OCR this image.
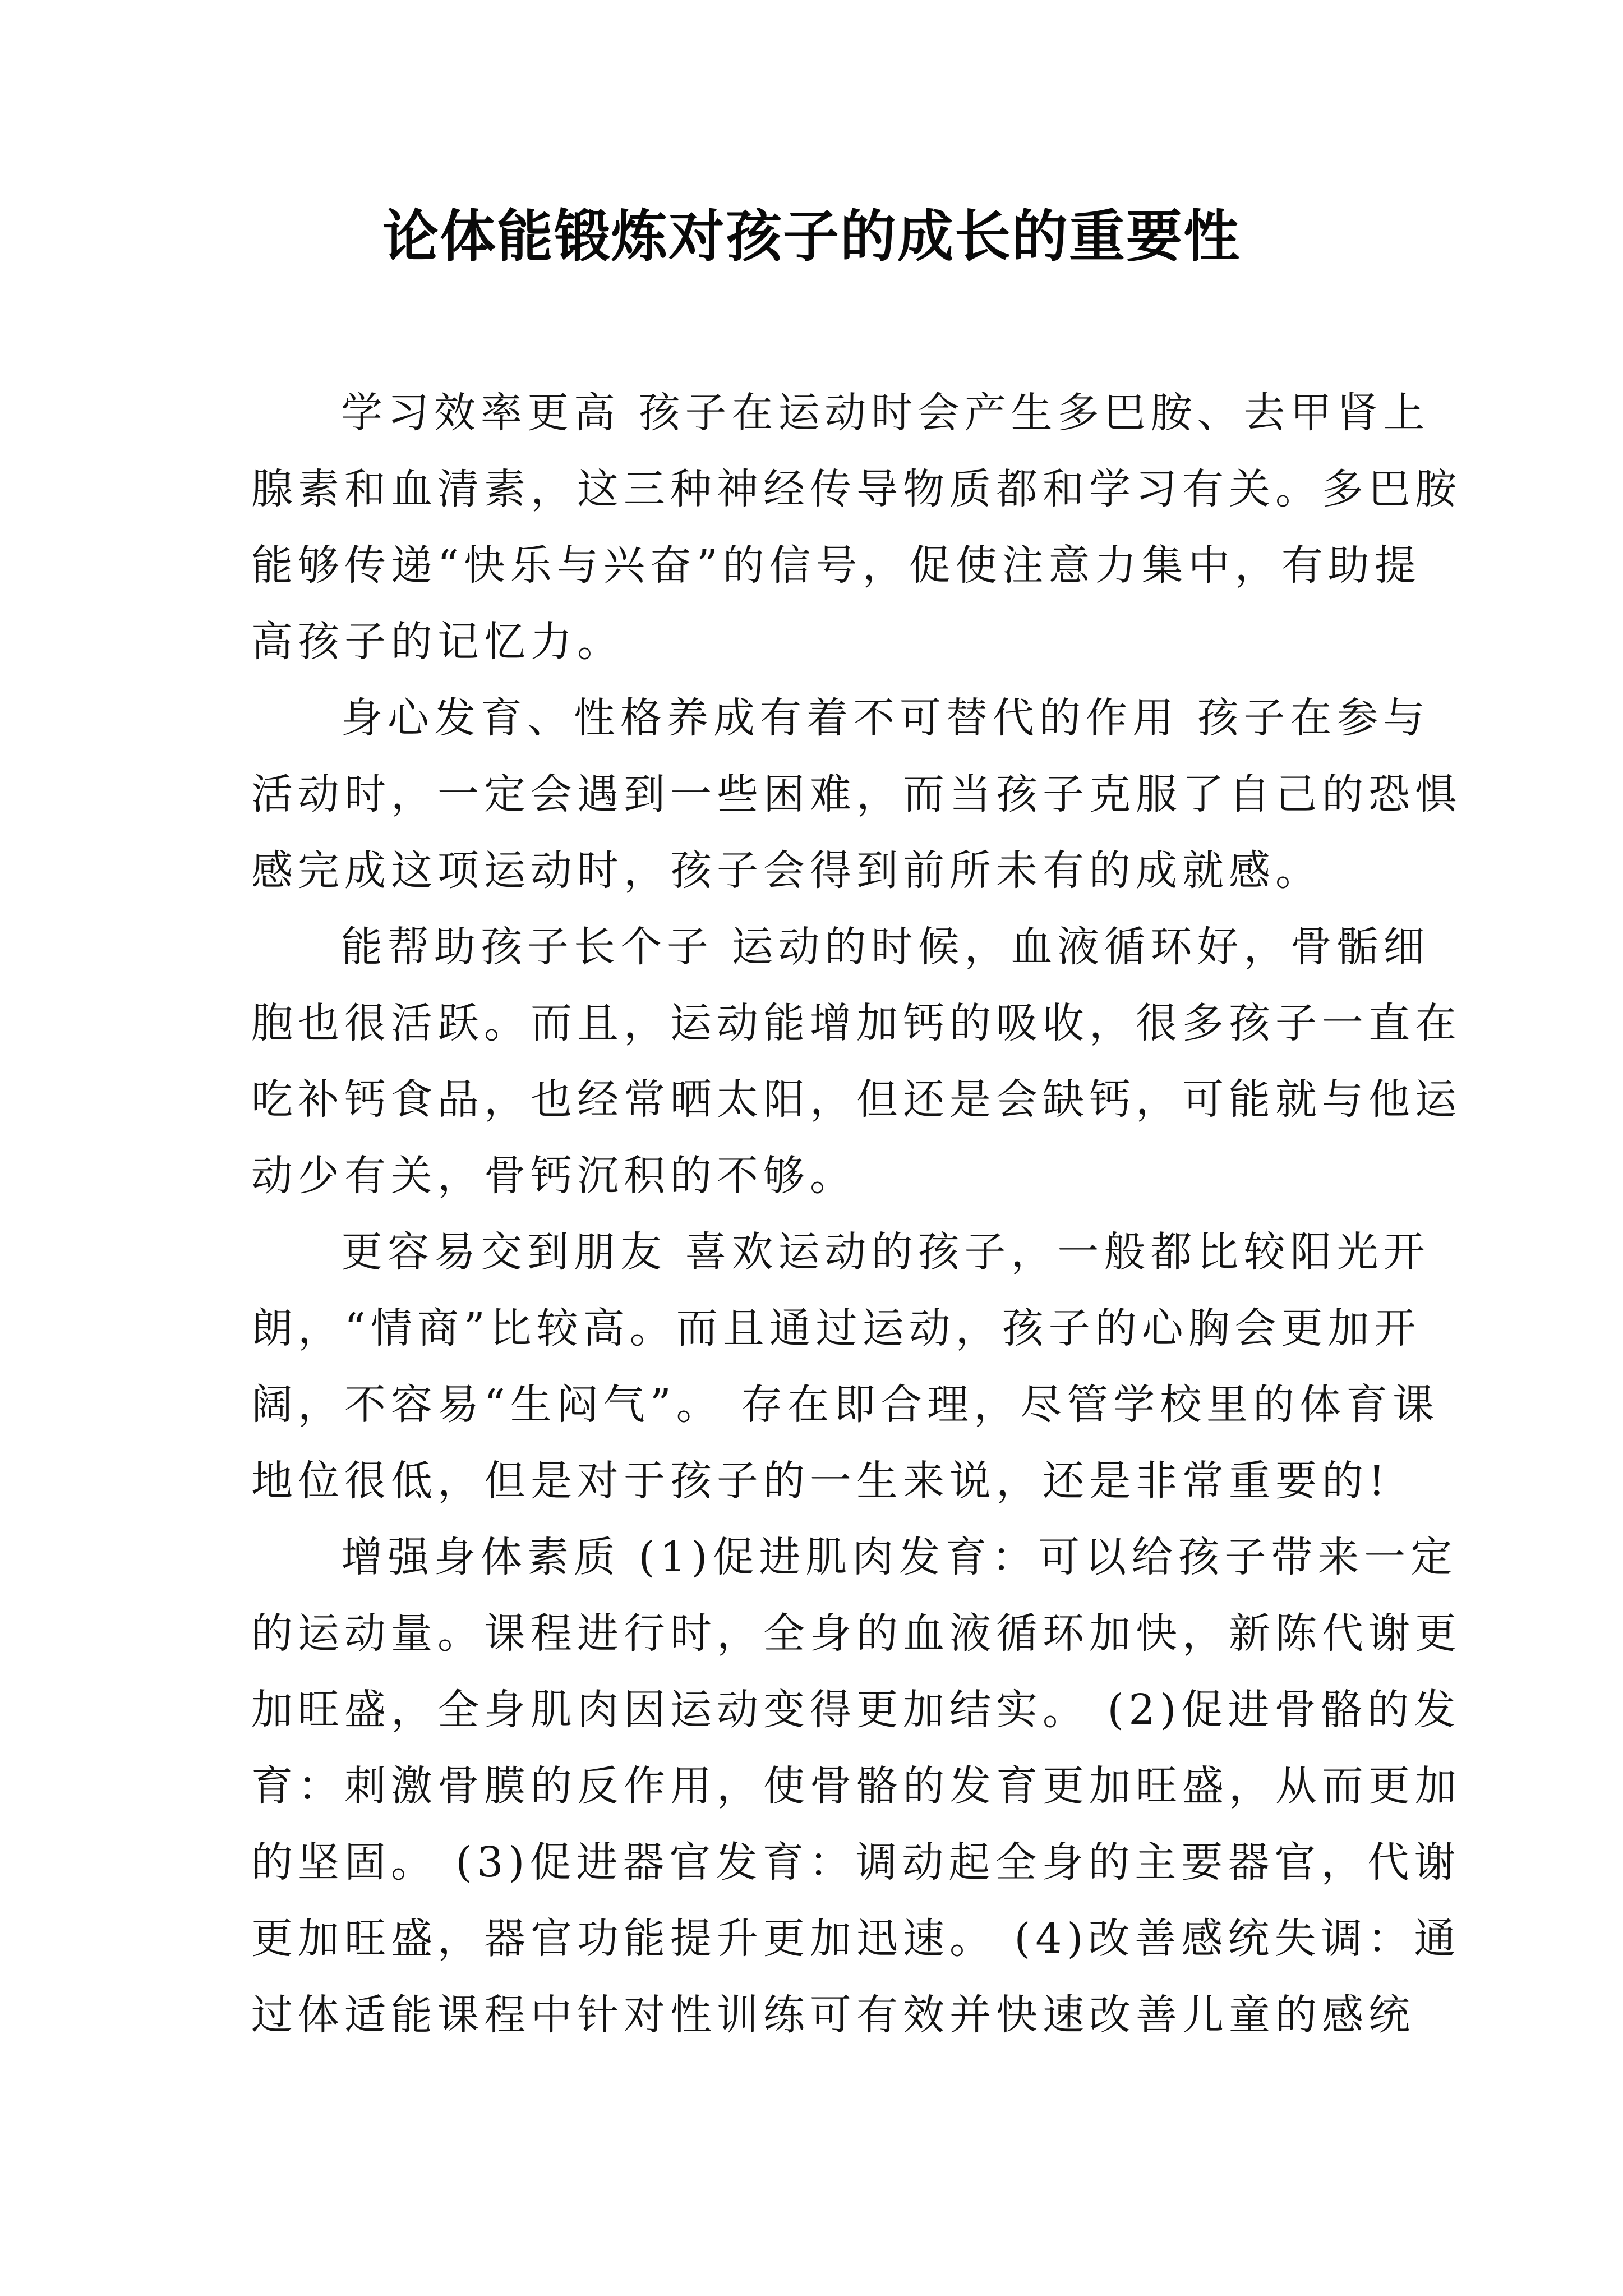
论体能锻炼对孩子的成长的重要性

学习效率更高 孩子在运动时会产生多巴胺、去甲肾上
腺素和血清素，这三种神经传导物质都和学习有关。多巴胺
能够传递“快乐与兴奋”的信号，促使注意力集中，有助提
高孩子的记忆力。

身心发育、性格养成有着不可替代的作用 孩子在参与
活动时，一定会遇到一些困难，而当孩子克服了自己的恐惧
感完成这项运动时，孩子会得到前所未有的成就感。

能帮助孩子长个子 运动的时候，血液循环好，骨骺细
胞也很活跃。而且，运动能增加钙的吸收，很多孩子一直在
吃补钙食品，也经常晒太阳，但还是会缺钙，可能就与他运
动少有关，骨钙沉积的不够。

更容易交到朋友 喜欢运动的孩子，一般都比较阳光开
朗，“情商”比较高。而且通过运动，孩子的心胸会更加开
阔，不容易“生闷气”。 存在即合理，尽管学校里的体育课
地位很低，但是对于孩子的一生来说，还是非常重要的!

增强身体素质 (1)促进肌肉发育：可以给孩子带来一定
的运动量。课程进行时，全身的血液循环加快，新陈代谢更
加旺盛，全身肌肉因运动变得更加结实。 (2)促进骨骼的发
育：刺激骨膜的反作用，使骨骼的发育更加旺盛，从而更加
的坚固。 (3)促进器官发育：调动起全身的主要器官，代谢
更加旺盛，器官功能提升更加迅速。 (4)改善感统失调：通
过体适能课程中针对性训练可有效并快速改善儿童的感统
